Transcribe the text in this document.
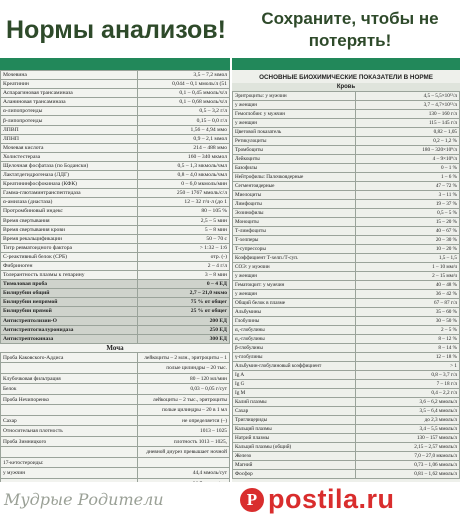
Нормы анализов!	Сохраните, чтобы не
потерять!
Мочевина	3,5 – 7,2 ммол
Креатинин	0,044 – 0,1 ммоль/л (51
Аспарагиновая трансаминаза	0,1 – 0,45 ммоль/ч/л
Аланиновая трансаминаза	0,1 – 0,68 ммоль/ч/л
α-липопротеиды	0,5 – 3,2 г/л
β-липопротеиды	0,15 – 0,0 г/л
ЛПВП	1,56 – 4,94 ммо
ЛПНП	0,9 – 2,1 ммол
Мочевая кислота	214 – 488 ммо
Холистестераза	160 – 340 мкмол
Щелочная фосфатаза (по Бодански)	0,5 – 1,3 мкмоль/чмл
Лактатдегидрогеназа (ЛДГ)	0,8 – 4,0 мкмоль/чмл
Креатининфосфокиназа (КФК)	0 – 6,0 мкмоль/мин
Гамма-глютаминтранспептидаза	250 – 1767 ммоль/с/л
α-амилаза (диастаза)	12 – 32 г/ч·л (до 1
Протромбиновый индекс	80 – 105 %
Время свертывания	2,5 – 5 мин
Время свертывания крови	5 – 8 мин
Время рекальцификации	50 – 70 с
Титр ревматоидного фактора	> 1:32 – 1:6
С-реактивный белок (СРБ)	отр. (-)
Фибриноген	2 – 4 г/л
Толерантность плазмы к гепарину	3 – 8 мин
Тимоловая проба	0 – 4 ЕД
Билирубин общий	2,7 – 21,0 мкмо
Билирубин непрямой	75 % от общег
Билирубин прямой	25 % от общег
Антистрептолизин-О	200 ЕД
Антистрептогиалуронидаза	250 ЕД
Антистрептокиназа	300 ЕД
Моча
Проба Каковского-Аддиса	лейкоциты – 2 млн., эритроциты – 1
	полые цилиндры – 20 тыс.
Клубочковая фильтрация	80 – 120 мл/мин
Белок	0,03 – 0,05 г/сут
Проба Нечипоренко	лейкоциты – 2 тыс., эритроциты
	полые цилиндры – 20 в 1 мл
Сахар	не определяется (–)
Относительная плотность	1013 – 1025
Проба Зимницкого	плотность 1013 – 1025,
	дневной диурез превышает ночной
17-кетостероиды:	
у мужчин	44,4 ммоль/сут

ОСНОВНЫЕ БИОХИМИЧЕСКИЕ ПОКАЗАТЕЛИ В НОРМЕ
Кровь
Эритроциты: у мужчин	4,5 – 5,5×10¹²/л
у женщин	3,7 – 4,7×10¹²/л
Гемоглобин: у мужчин	130 – 160 г/л
у женщин	115 – 145 г/л
Цветовой показатель	0,82 – 1,05
Ретикулоциты	0,2 – 1,2 %
Тромбоциты	180 – 320×10⁹/л
Лейкоциты	4 – 9×10⁹/л
Базофилы	0 – 1 %
Нейтрофилы: Палочкоядерные	1 – 6 %
Сегментоядерные	47 – 72 %
Миелоциты	3 – 11 %
Лимфоциты	19 – 37 %
Эозинофилы	0,5 – 5 %
Моноциты	15 – 20 %
Т-лимфоциты	40 – 67 %
Т-хелперы	20 – 30 %
Т-супрессоры	10 – 20 %
Коэффициент Т-хелп./Т-суп.	1,5 – 1,5
СОЭ: у мужчин	1 – 10 мм/ч
у женщин	2 – 15 мм/ч
Гематокрит: у мужчин	40 – 48 %
у женщин	36 – 42 %
Общий белок в плазме	67 – 87 г/л
Альбумины	35 – 60 %
Глобулины	30 – 50 %
α₁-глобулины	2 – 5 %
α₂-глобулины	8 – 12 %
β-глобулины	8 – 14 %
γ-глобулины	12 – 18 %
Альбумин-глобулиновый коэффициент	> 1
Ig A	0,8 – 3,7 г/л
Ig G	7 – 18 г/л
Ig M	0,4 – 2,2 г/л
Калий плазмы	3,6 – 6,2 ммоль/л
Сахар	3,5 – 6,4 ммоль/л
Триглицериды	до 2,3 ммоль/л
Кальций плазмы	3,4 – 5,5 ммоль/л
Натрий плазмы	130 – 157 ммоль/л
Кальций плазмы (общий)	2,15 – 2,57 ммоль/л
Железо	7,0 – 27,0 мкмоль/л
Магний	0,73 – 1,06 ммоль/л
Фосфор	0,81 – 1,62 ммоль/л
Мудрые Родители	P postila.ru
